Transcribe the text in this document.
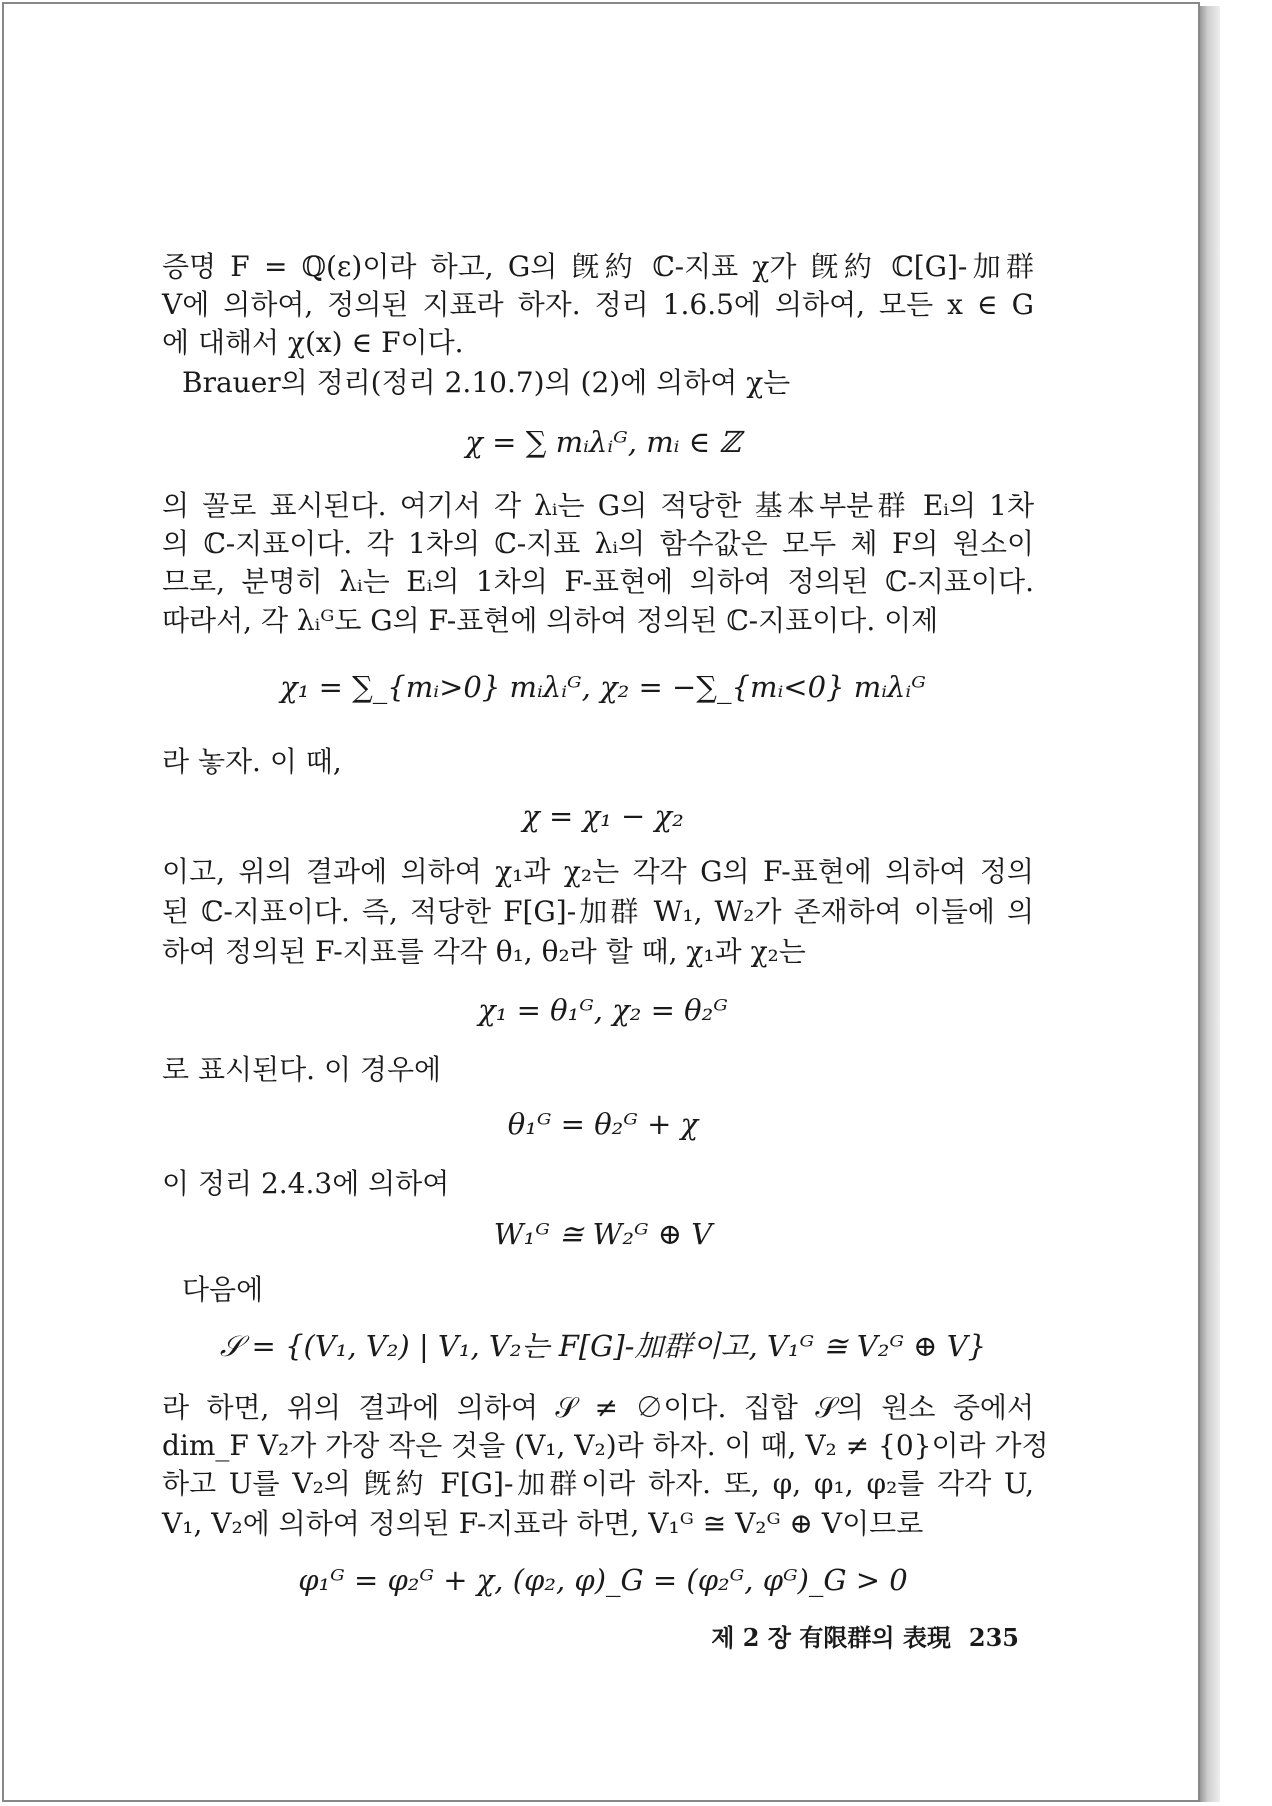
증명 F = ℚ(ε)이라 하고, G의 旣約 ℂ-지표 χ가 旣約 ℂ[G]-加群
V에 의하여, 정의된 지표라 하자. 정리 1.6.5에 의하여, 모든 x ∈ G
에 대해서 χ(x) ∈ F이다.
Brauer의 정리(정리 2.10.7)의 (2)에 의하여 χ는
χ = ∑ mᵢλᵢᴳ, mᵢ ∈ ℤ
의 꼴로 표시된다. 여기서 각 λᵢ는 G의 적당한 基本부분群 Eᵢ의 1차
의 ℂ-지표이다. 각 1차의 ℂ-지표 λᵢ의 함수값은 모두 체 F의 원소이
므로, 분명히 λᵢ는 Eᵢ의 1차의 F-표현에 의하여 정의된 ℂ-지표이다.
따라서, 각 λᵢᴳ도 G의 F-표현에 의하여 정의된 ℂ-지표이다. 이제
χ₁ = ∑_{mᵢ>0} mᵢλᵢᴳ, χ₂ = −∑_{mᵢ<0} mᵢλᵢᴳ
라 놓자. 이 때,
χ = χ₁ − χ₂
이고, 위의 결과에 의하여 χ₁과 χ₂는 각각 G의 F-표현에 의하여 정의
된 ℂ-지표이다. 즉, 적당한 F[G]-加群 W₁, W₂가 존재하여 이들에 의
하여 정의된 F-지표를 각각 θ₁, θ₂라 할 때, χ₁과 χ₂는
χ₁ = θ₁ᴳ, χ₂ = θ₂ᴳ
로 표시된다. 이 경우에
θ₁ᴳ = θ₂ᴳ + χ
이 정리 2.4.3에 의하여
W₁ᴳ ≅ W₂ᴳ ⊕ V
다음에
𝒮 = {(V₁, V₂) | V₁, V₂는 F[G]-加群이고, V₁ᴳ ≅ V₂ᴳ ⊕ V}
라 하면, 위의 결과에 의하여 𝒮 ≠ ∅이다. 집합 𝒮의 원소 중에서
dim_F V₂가 가장 작은 것을 (V₁, V₂)라 하자. 이 때, V₂ ≠ {0}이라 가정
하고 U를 V₂의 旣約 F[G]-加群이라 하자. 또, φ, φ₁, φ₂를 각각 U,
V₁, V₂에 의하여 정의된 F-지표라 하면, V₁ᴳ ≅ V₂ᴳ ⊕ V이므로
φ₁ᴳ = φ₂ᴳ + χ, (φ₂, φ)_G = (φ₂ᴳ, φᴳ)_G > 0
제 2 장 有限群의 表現 235
